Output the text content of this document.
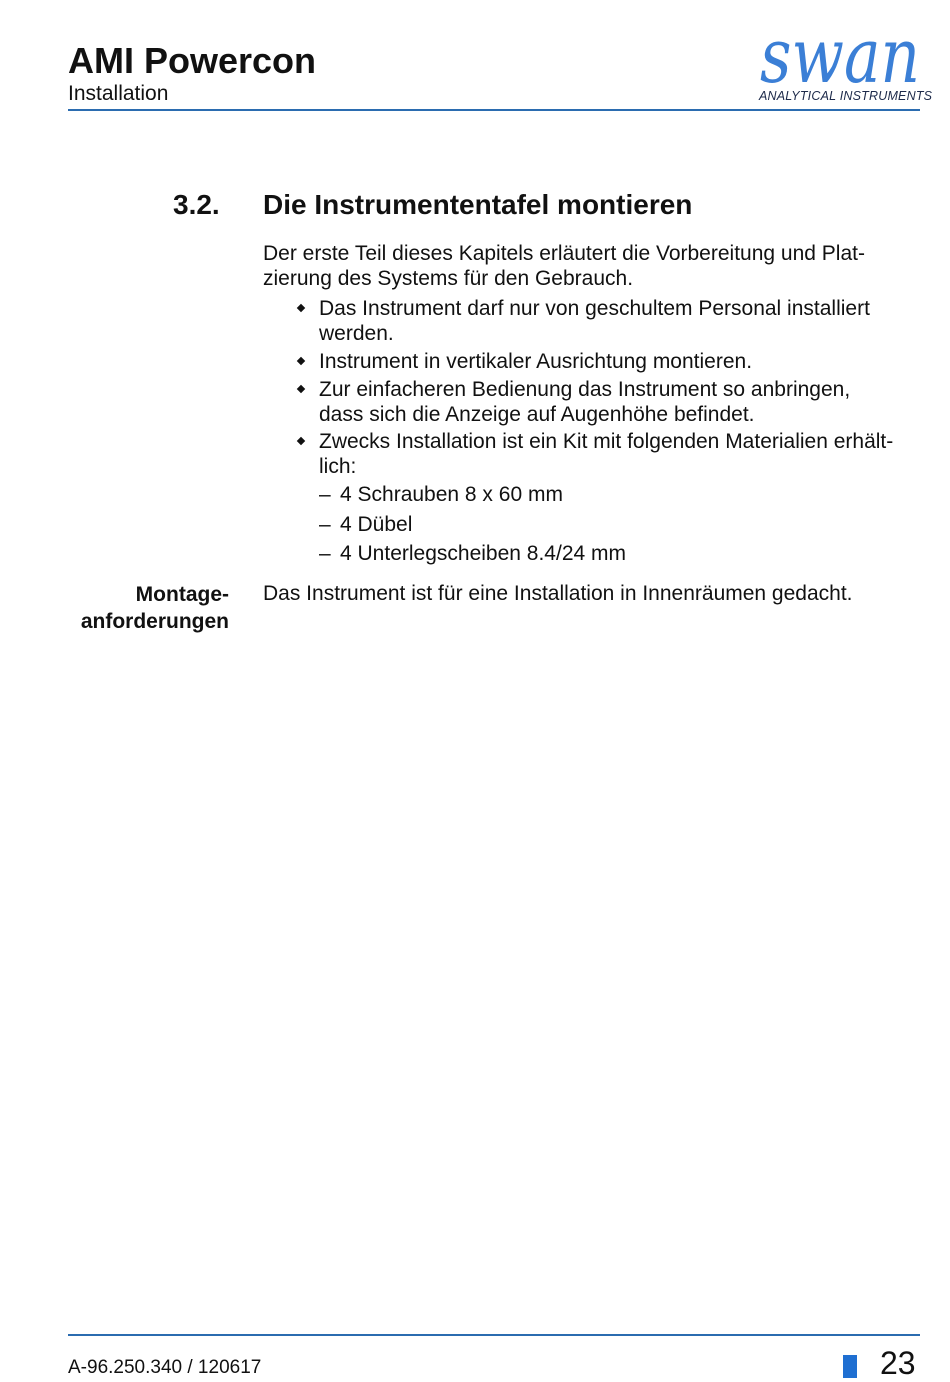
AMI Powercon
Installation	swan
ANALYTICAL INSTRUMENTS
3.2. Die Instrumententafel montieren
Der erste Teil dieses Kapitels erläutert die Vorbereitung und Plat-
zierung des Systems für den Gebrauch.
Das Instrument darf nur von geschultem Personal installiert
werden.
Instrument in vertikaler Ausrichtung montieren.
Zur einfacheren Bedienung das Instrument so anbringen,
dass sich die Anzeige auf Augenhöhe befindet.
Zwecks Installation ist ein Kit mit folgenden Materialien erhält-
lich:
– 4 Schrauben 8 x 60 mm
– 4 Dübel
– 4 Unterlegscheiben 8.4/24 mm
Montage-
anforderungen
Das Instrument ist für eine Installation in Innenräumen gedacht.
A-96.250.340 / 120617	23
